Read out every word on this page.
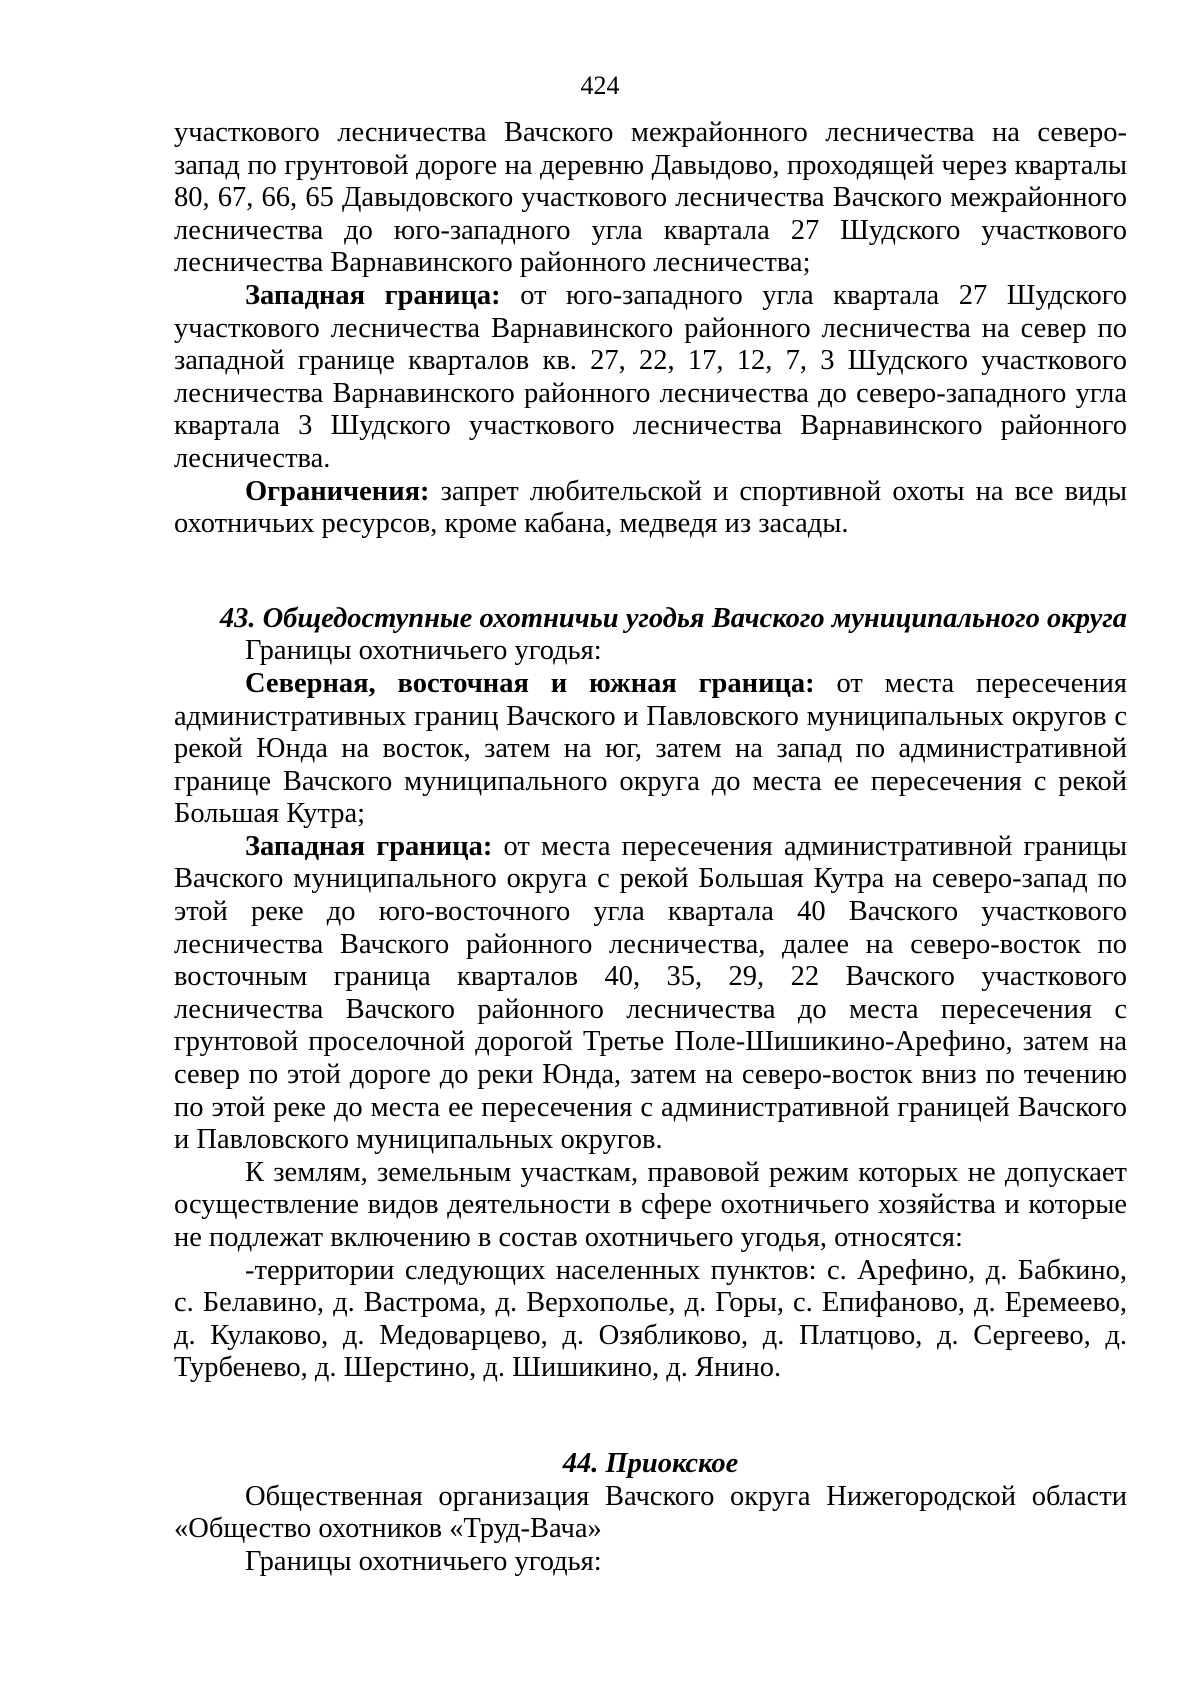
424

участкового лесничества Вачского межрайонного лесничества на северо-запад по грунтовой дороге на деревню Давыдово, проходящей через кварталы 80, 67, 66, 65 Давыдовского участкового лесничества Вачского межрайонного лесничества до юго-западного угла квартала 27 Шудского участкового лесничества Варнавинского районного лесничества;

Западная граница: от юго-западного угла квартала 27 Шудского участкового лесничества Варнавинского районного лесничества на север по западной границе кварталов кв. 27, 22, 17, 12, 7, 3 Шудского участкового лесничества Варнавинского районного лесничества до северо-западного угла квартала 3 Шудского участкового лесничества Варнавинского районного лесничества.

Ограничения: запрет любительской и спортивной охоты на все виды охотничьих ресурсов, кроме кабана, медведя из засады.

43. Общедоступные охотничьи угодья Вачского муниципального округа

Границы охотничьего угодья:

Северная, восточная и южная граница: от места пересечения административных границ Вачского и Павловского муниципальных округов с рекой Юнда на восток, затем на юг, затем на запад по административной границе Вачского муниципального округа до места ее пересечения с рекой Большая Кутра;

Западная граница: от места пересечения административной границы Вачского муниципального округа с рекой Большая Кутра на северо-запад по этой реке до юго-восточного угла квартала 40 Вачского участкового лесничества Вачского районного лесничества, далее на северо-восток по восточным граница кварталов 40, 35, 29, 22 Вачского участкового лесничества Вачского районного лесничества до места пересечения с грунтовой проселочной дорогой Третье Поле-Шишикино-Арефино, затем на север по этой дороге до реки Юнда, затем на северо-восток вниз по течению по этой реке до места ее пересечения с административной границей Вачского и Павловского муниципальных округов.

К землям, земельным участкам, правовой режим которых не допускает осуществление видов деятельности в сфере охотничьего хозяйства и которые не подлежат включению в состав охотничьего угодья, относятся:

-территории следующих населенных пунктов: с. Арефино, д. Бабкино, с. Белавино, д. Вастрома, д. Верхополье, д. Горы, с. Епифаново, д. Еремеево, д. Кулаково, д. Медоварцево, д. Озябликово, д. Платцово, д. Сергеево, д. Турбенево, д. Шерстино, д. Шишикино, д. Янино.

44. Приокское

Общественная организация Вачского округа Нижегородской области «Общество охотников «Труд-Вача»

Границы охотничьего угодья:
